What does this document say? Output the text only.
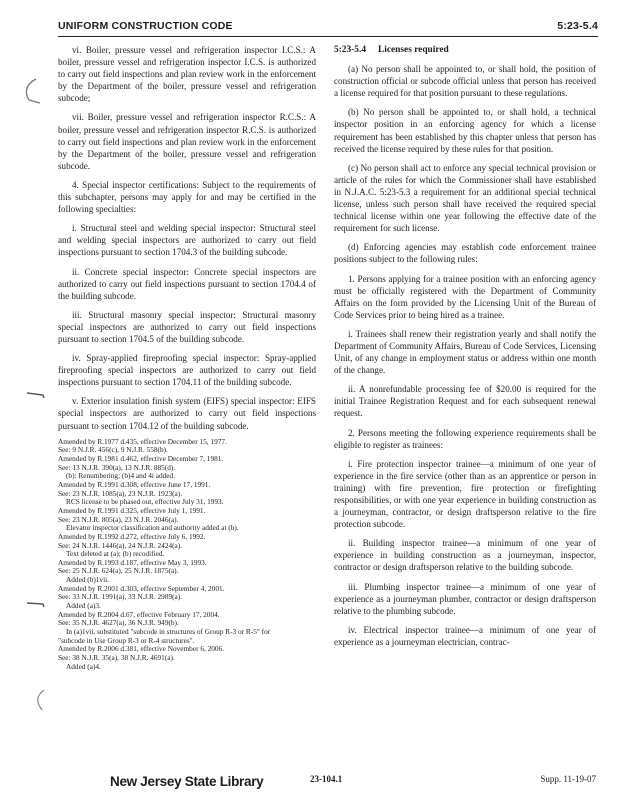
UNIFORM CONSTRUCTION CODE	5:23-5.4

vi. Boiler, pressure vessel and refrigeration inspector I.C.S.: A boiler, pressure vessel and refrigeration inspector I.C.S. is authorized to carry out field inspections and plan review work in the enforcement by the Department of the boiler, pressure vessel and refrigeration subcode;

vii. Boiler, pressure vessel and refrigeration inspector R.C.S.: A boiler, pressure vessel and refrigeration inspector R.C.S. is authorized to carry out field inspections and plan review work in the enforcement by the Department of the boiler, pressure vessel and refrigeration subcode.

4. Special inspector certifications: Subject to the requirements of this subchapter, persons may apply for and may be certified in the following specialties:

i. Structural steel and welding special inspector: Structural steel and welding special inspectors are authorized to carry out field inspections pursuant to section 1704.3 of the building subcode.

ii. Concrete special inspector: Concrete special inspectors are authorized to carry out field inspections pursuant to section 1704.4 of the building subcode.

iii. Structural masonry special inspector: Structural masonry special inspectors are authorized to carry out field inspections pursuant to section 1704.5 of the building subcode.

iv. Spray-applied fireproofing special inspector: Spray-applied fireproofing special inspectors are authorized to carry out field inspections pursuant to section 1704.11 of the building subcode.

v. Exterior insulation finish system (EIFS) special inspector: EIFS special inspectors are authorized to carry out field inspections pursuant to section 1704.12 of the building subcode.

Amended by R.1977 d.435, effective December 15, 1977.
See: 9 N.J.R. 456(c), 9 N.J.R. 558(b).
Amended by R.1981 d.462, effective December 7, 1981.
See: 13 N.J.R. 390(a), 13 N.J.R. 885(d).
(b): Renumbering; (b)4 and 4i added.
Amended by R.1991 d.308, effective June 17, 1991.
See: 23 N.J.R. 1085(a), 23 N.J.R. 1923(a).
RCS license to be phased out, effective July 31, 1993.
Amended by R.1991 d.325, effective July 1, 1991.
See: 23 N.J.R. 805(a), 23 N.J.R. 2046(a).
Elevator inspector classification and authority added at (b).
Amended by R.1992 d.272, effective July 6, 1992.
See: 24 N.J.R. 1446(a), 24 N.J.R. 2424(a).
Text deleted at (a); (b) recodified.
Amended by R.1993 d.187, effective May 3, 1993.
See: 25 N.J.R. 624(a), 25 N.J.R. 1875(a).
Added (b)1vii.
Amended by R.2001 d.303, effective September 4, 2001.
See: 33 N.J.R. 1991(a), 33 N.J.R. 2989(a).
Added (a)3.
Amended by R.2004 d.67, effective February 17, 2004.
See: 35 N.J.R. 4627(a), 36 N.J.R. 949(b).
In (a)1vii, substituted "subcode in structures of Group R-3 or R-5" for
"subcode in Use Group R-3 or R-4 structures".
Amended by R.2006 d.381, effective November 6, 2006.
See: 38 N.J.R. 35(a), 38 N.J.R. 4691(a).
Added (a)4.
5:23-5.4 Licenses required

(a) No person shall be appointed to, or shall hold, the position of construction official or subcode official unless that person has received a license required for that position pursuant to these regulations.

(b) No person shall be appointed to, or shall hold, a technical inspector position in an enforcing agency for which a license requirement has been established by this chapter unless that person has received the license required by these rules for that position.

(c) No person shall act to enforce any special technical provision or article of the rules for which the Commissioner shall have established in N.J.A.C. 5:23-5.3 a requirement for an additional special technical license, unless such person shall have received the required special technical license within one year following the effective date of the requirement for such license.

(d) Enforcing agencies may establish code enforcement trainee positions subject to the following rules:

1. Persons applying for a trainee position with an enforcing agency must be officially registered with the Department of Community Affairs on the form provided by the Licensing Unit of the Bureau of Code Services prior to being hired as a trainee.

i. Trainees shall renew their registration yearly and shall notify the Department of Community Affairs, Bureau of Code Services, Licensing Unit, of any change in employment status or address within one month of the change.

ii. A nonrefundable processing fee of $20.00 is required for the initial Trainee Registration Request and for each subsequent renewal request.

2. Persons meeting the following experience requirements shall be eligible to register as trainees:

i. Fire protection inspector trainee—a minimum of one year of experience in the fire service (other than as an apprentice or person in training) with fire prevention, fire protection or firefighting responsibilities, or with one year experience in building construction as a journeyman, contractor, or design draftsperson relative to the fire protection subcode.

ii. Building inspector trainee—a minimum of one year of experience in building construction as a journeyman, inspector, contractor or design draftsperson relative to the building subcode.

iii. Plumbing inspector trainee—a minimum of one year of experience as a journeyman plumber, contractor or design draftsperson relative to the plumbing subcode.

iv. Electrical inspector trainee—a minimum of one year of experience as a journeyman electrician, contrac-

New Jersey State Library	23-104.1	Supp. 11-19-07
